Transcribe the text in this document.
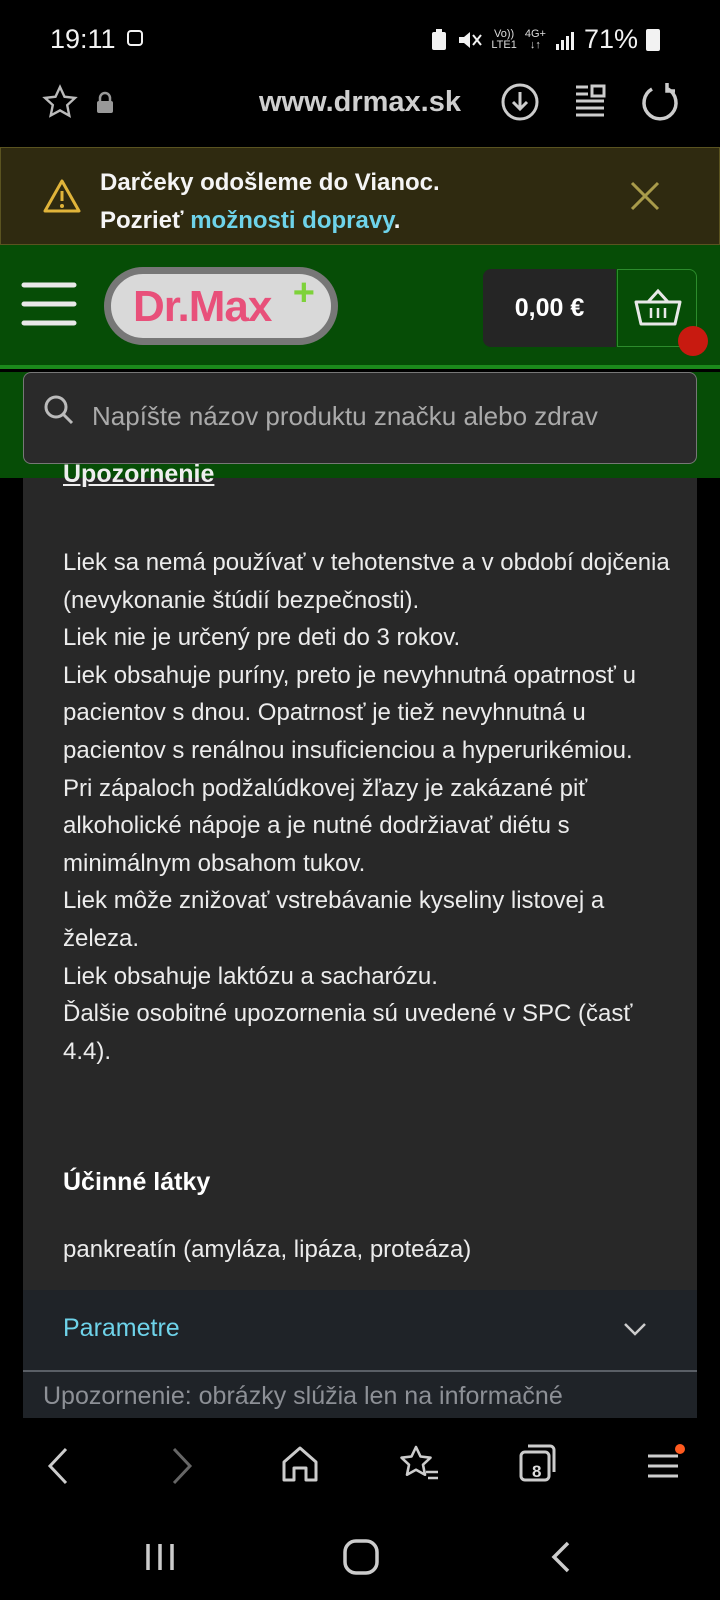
19:11	Vo))
LTE1
4G+
↓↑ 71%
www.drmax.sk
Darčeky odošleme do Vianoc.
Pozrieť možnosti dopravy.
Dr.Max +	0,00 €
Napíšte názov produktu značku alebo zdrav
Upozornenie
Liek sa nemá používať v tehotenstve a v období dojčenia (nevykonanie štúdií bezpečnosti).
Liek nie je určený pre deti do 3 rokov.
Liek obsahuje puríny, preto je nevyhnutná opatrnosť u pacientov s dnou. Opatrnosť je tiež nevyhnutná u pacientov s renálnou insuficienciou a hyperurikémiou.
Pri zápaloch podžalúdkovej žľazy je zakázané piť alkoholické nápoje a je nutné dodržiavať diétu s minimálnym obsahom tukov.
Liek môže znižovať vstrebávanie kyseliny listovej a železa.
Liek obsahuje laktózu a sacharózu.
Ďalšie osobitné upozornenia sú uvedené v SPC (časť 4.4).
Účinné látky
pankreatín (amyláza, lipáza, proteáza)
Parametre
Upozornenie: obrázky slúžia len na informačné
8
